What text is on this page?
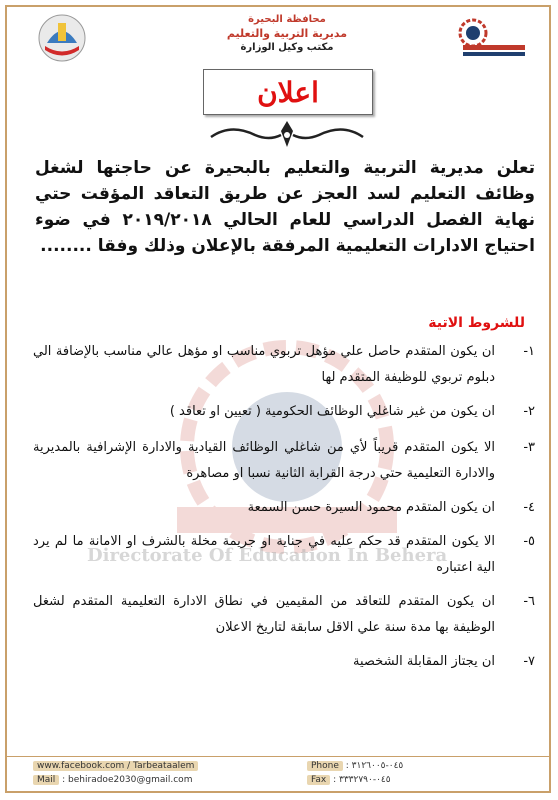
محافظة البحيرة
مديرية التربية والتعليم
مكتب وكيل الوزارة
اعلان
Directorate Of Education In Behera
تعلن مديرية التربية والتعليم بالبحيرة عن حاجتها لشغل وظائف التعليم لسد العجز عن طريق التعاقد المؤقت حتي نهاية الفصل الدراسي للعام الحالي ٢٠١٩/٢٠١٨ في ضوء احتياج الادارات التعليمية المرفقة بالإعلان وذلك وفقا ........
للشروط الاتية
١-
ان يكون المتقدم حاصل علي مؤهل تربوي مناسب او مؤهل عالي مناسب بالإضافة الي دبلوم تربوي للوظيفة المتقدم لها
٢-
ان يكون من غير شاغلي الوظائف الحكومية ( تعيين او تعاقد )
٣-
الا يكون المتقدم قريباً لأي من شاغلي الوظائف القيادية والادارة الإشرافية بالمديرية والادارة التعليمية حتي درجة القرابة الثانية نسبا او مصاهرة
٤-
ان يكون المتقدم محمود السيرة حسن السمعة
٥-
الا يكون المتقدم قد حكم عليه في جناية او جريمة مخلة بالشرف او الامانة ما لم يرد الية اعتباره
٦-
ان يكون المتقدم للتعاقد من المقيمين في نطاق الادارة التعليمية المتقدم لشغل الوظيفة بها مدة سنة علي الاقل سابقة لتاريخ الاعلان
٧-
ان يجتاز المقابلة الشخصية
www.facebook.com / Tarbeataalem
Mail : behiradoe2030@gmail.com
Phone : ٠٤٥-٣١٢٦٠٠٥
Fax : ٠٤٥-٣٣٣٢٧٩٠
